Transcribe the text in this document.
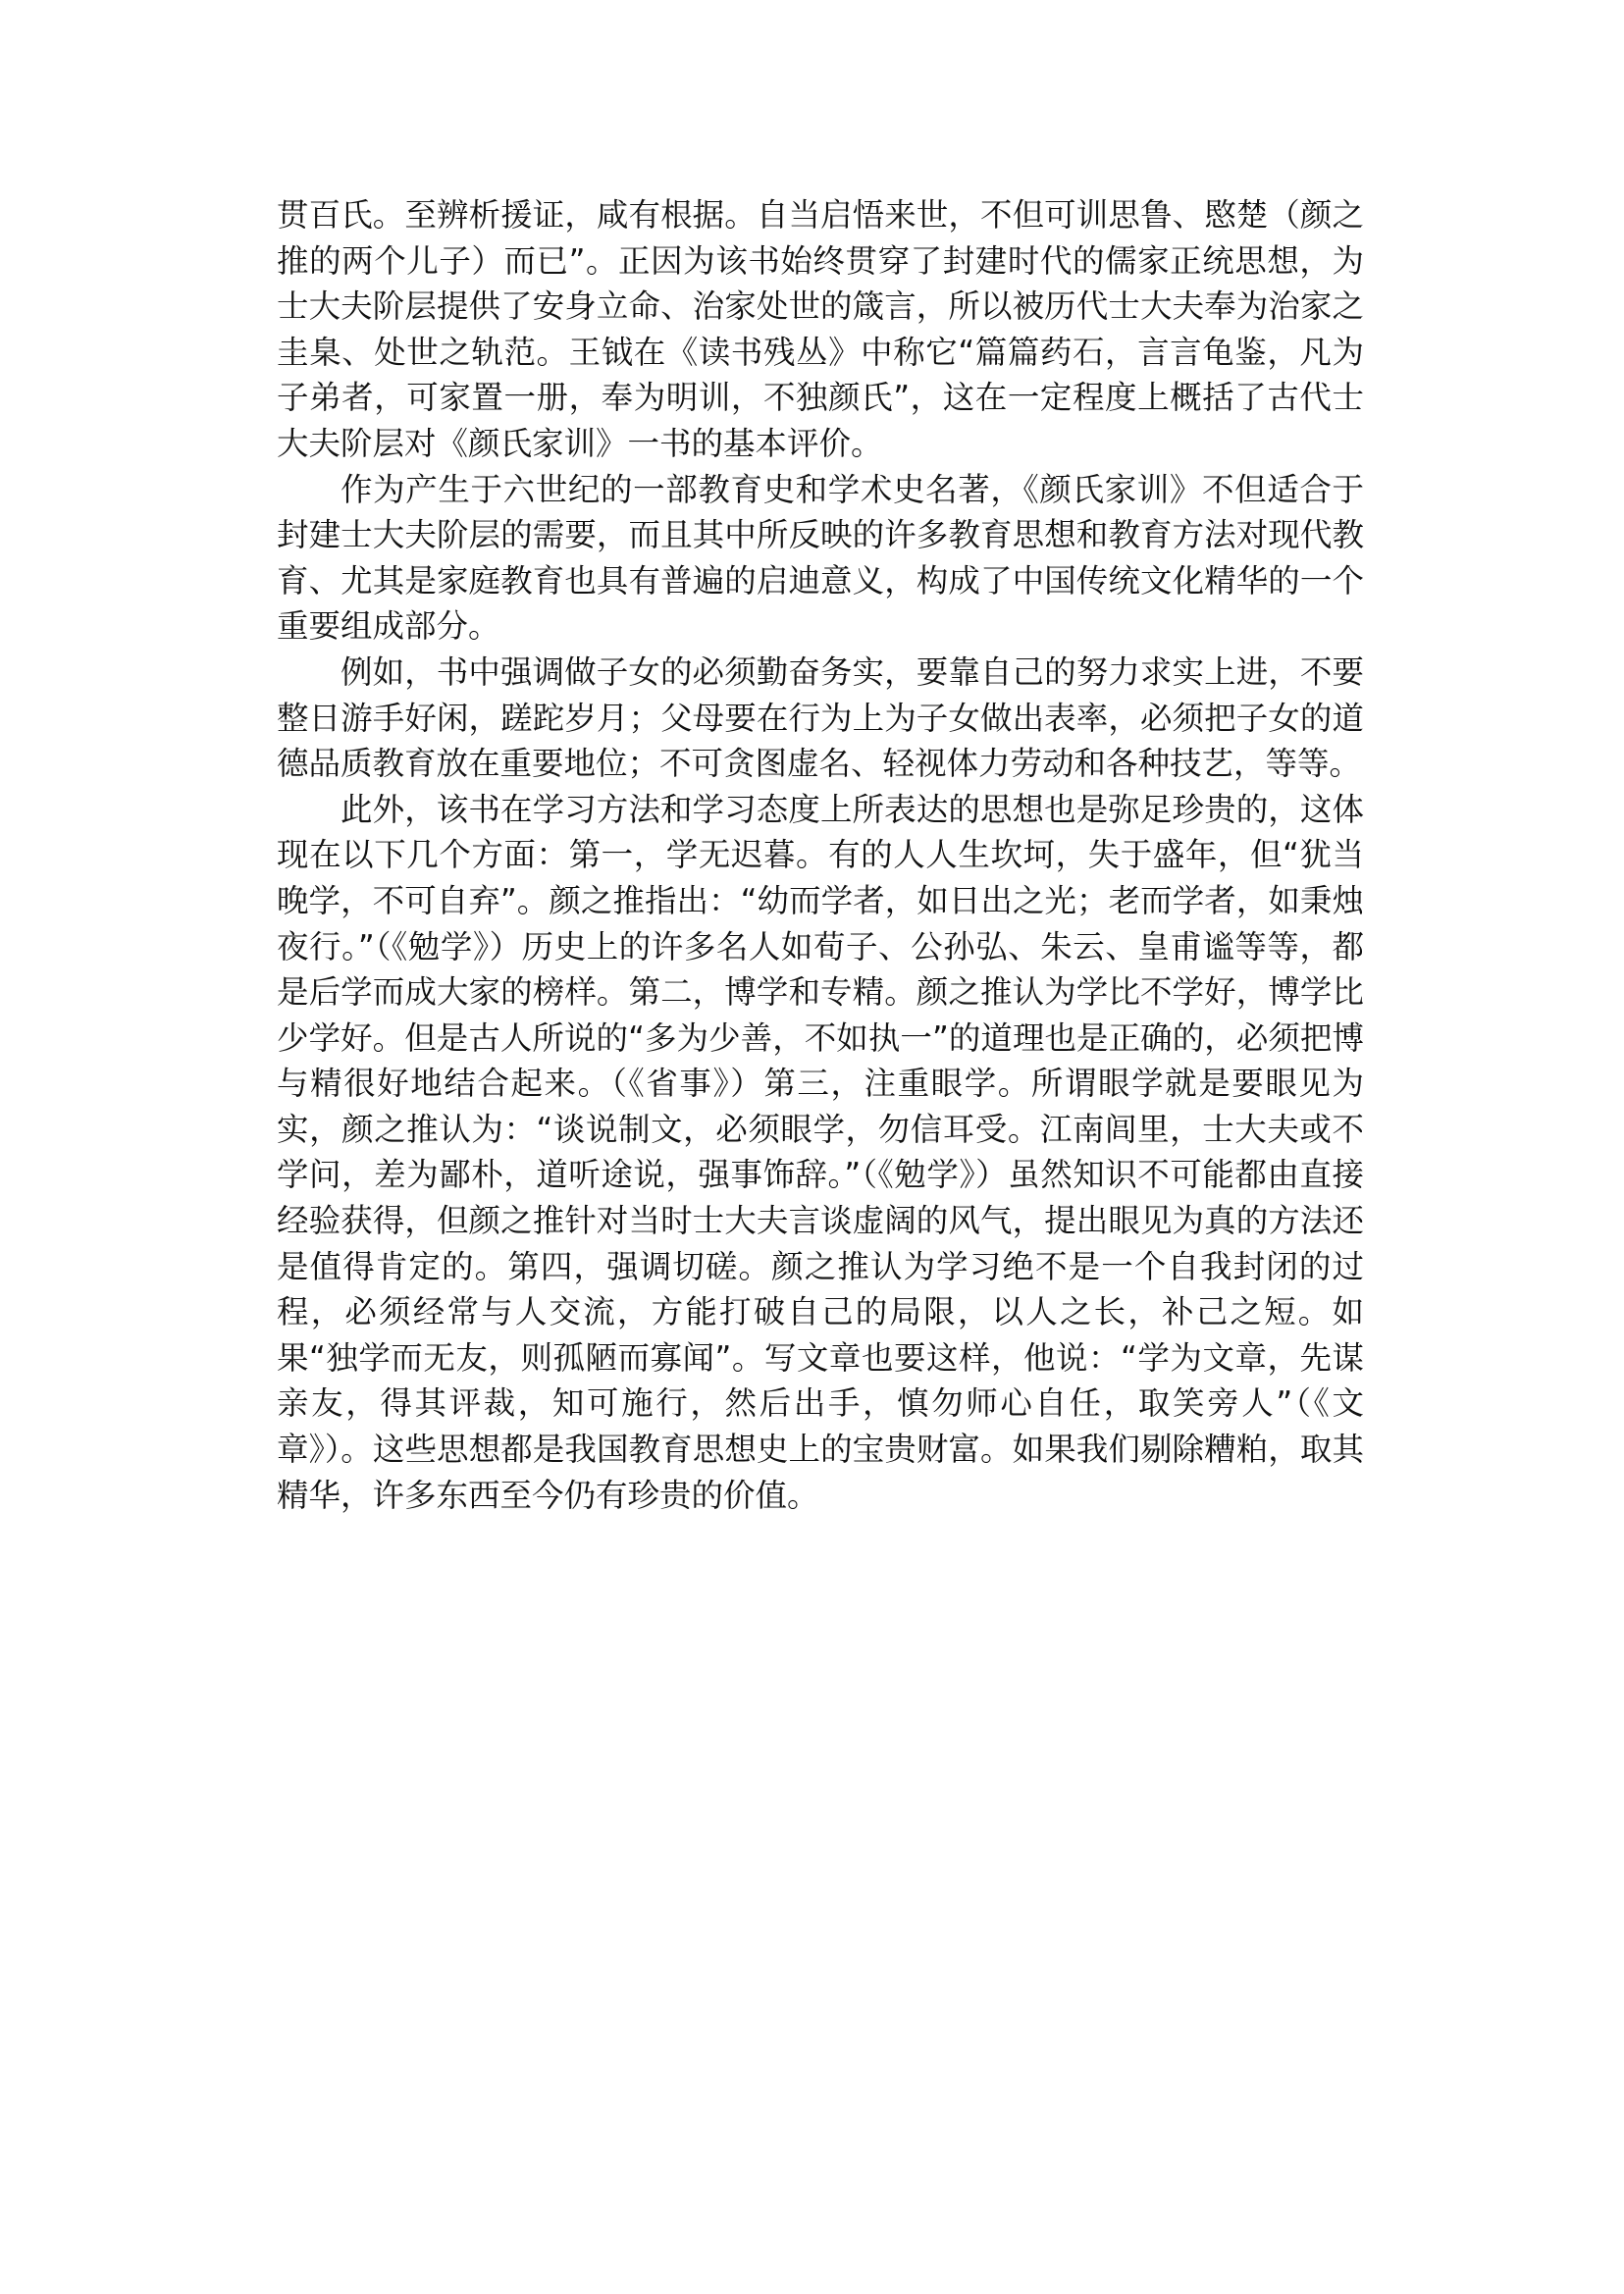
贯百氏。至辨析援证，咸有根据。自当启悟来世，不但可训思鲁、愍楚（颜之推的两个儿子）而已”。正因为该书始终贯穿了封建时代的儒家正统思想，为士大夫阶层提供了安身立命、治家处世的箴言，所以被历代士大夫奉为治家之圭臬、处世之轨范。王钺在《读书残丛》中称它“篇篇药石，言言龟鉴，凡为子弟者，可家置一册，奉为明训，不独颜氏”，这在一定程度上概括了古代士大夫阶层对《颜氏家训》一书的基本评价。

作为产生于六世纪的一部教育史和学术史名著，《颜氏家训》不但适合于封建士大夫阶层的需要，而且其中所反映的许多教育思想和教育方法对现代教育、尤其是家庭教育也具有普遍的启迪意义，构成了中国传统文化精华的一个重要组成部分。

例如，书中强调做子女的必须勤奋务实，要靠自己的努力求实上进，不要整日游手好闲，蹉跎岁月；父母要在行为上为子女做出表率，必须把子女的道德品质教育放在重要地位；不可贪图虚名、轻视体力劳动和各种技艺，等等。

此外，该书在学习方法和学习态度上所表达的思想也是弥足珍贵的，这体现在以下几个方面：第一，学无迟暮。有的人人生坎坷，失于盛年，但“犹当晚学，不可自弃”。颜之推指出：“幼而学者，如日出之光；老而学者，如秉烛夜行。”（《勉学》）历史上的许多名人如荀子、公孙弘、朱云、皇甫谧等等，都是后学而成大家的榜样。第二，博学和专精。颜之推认为学比不学好，博学比少学好。但是古人所说的“多为少善，不如执一”的道理也是正确的，必须把博与精很好地结合起来。（《省事》）第三，注重眼学。所谓眼学就是要眼见为实，颜之推认为：“谈说制文，必须眼学，勿信耳受。江南闾里，士大夫或不学问，差为鄙朴，道听途说，强事饰辞。”（《勉学》）虽然知识不可能都由直接经验获得，但颜之推针对当时士大夫言谈虚阔的风气，提出眼见为真的方法还是值得肯定的。第四，强调切磋。颜之推认为学习绝不是一个自我封闭的过程，必须经常与人交流，方能打破自己的局限，以人之长，补己之短。如果“独学而无友，则孤陋而寡闻”。写文章也要这样，他说：“学为文章，先谋亲友，得其评裁，知可施行，然后出手，慎勿师心自任，取笑旁人”（《文章》）。这些思想都是我国教育思想史上的宝贵财富。如果我们剔除糟粕，取其精华，许多东西至今仍有珍贵的价值。
